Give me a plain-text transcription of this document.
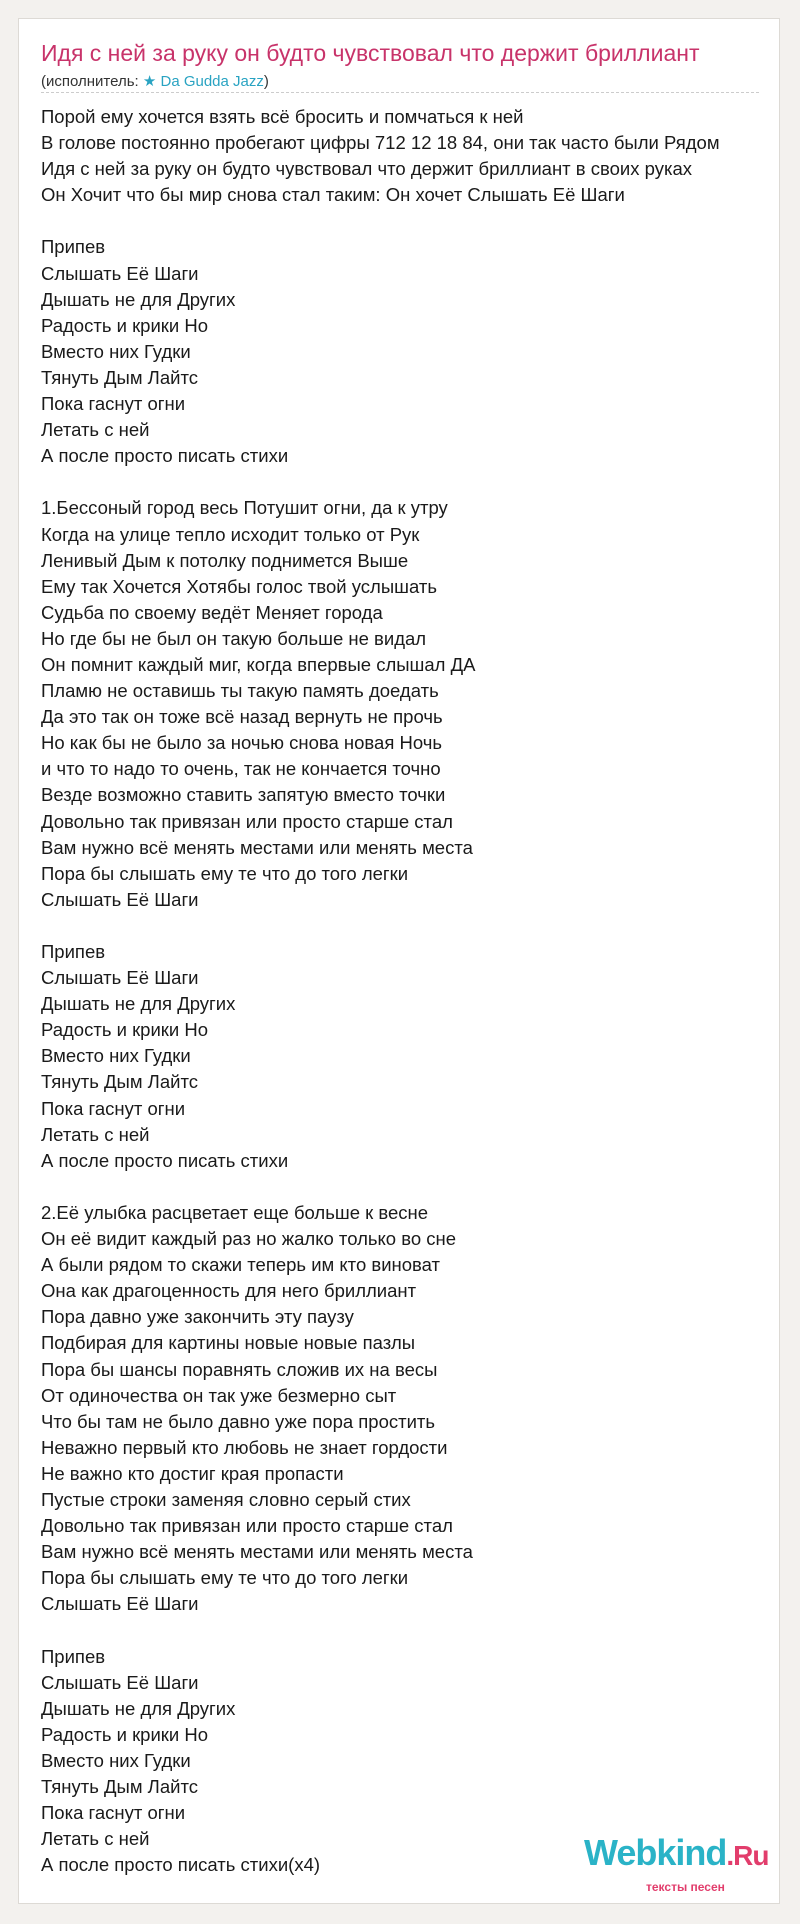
Идя с ней за руку он будто чувствовал что держит бриллиант
(исполнитель: ★ Da Gudda Jazz)
Порой ему хочется взять всё бросить и помчаться к ней
В голове постоянно пробегают цифры 712 12 18 84, они так часто были Рядом
Идя с ней за руку он будто чувствовал что держит бриллиант в своих руках
Он Хочит что бы мир снова стал таким: Он хочет Слышать Её Шаги
Припев
Слышать Её Шаги
Дышать не для Других
Радость и крики Но
Вместо них Гудки
Тянуть Дым Лайтс
Пока гаснут огни
Летать с ней
А после просто писать стихи
1.Бессоный город весь Потушит огни, да к утру
Когда на улице тепло исходит только от Рук
Ленивый Дым к потолку поднимется Выше
Ему так Хочется Хотябы голос твой услышать
Судьба по своему ведёт Меняет города
Но где бы не был он такую больше не видал
Он помнит каждый миг, когда впервые слышал ДА
Пламю не оставишь ты такую память доедать
Да это так он тоже всё назад вернуть не прочь
Но как бы не было за ночью снова новая Ночь
и что то надо то очень, так не кончается точно
Везде возможно ставить запятую вместо точки
Довольно так привязан или просто старше стал
Вам нужно всё менять местами или менять места
Пора бы слышать ему те что до того легки
Слышать Её Шаги
Припев
Слышать Её Шаги
Дышать не для Других
Радость и крики Но
Вместо них Гудки
Тянуть Дым Лайтс
Пока гаснут огни
Летать с ней
А после просто писать стихи
2.Её улыбка расцветает еще больше к весне
Он её видит каждый раз но жалко только во сне
А были рядом то скажи теперь им кто виноват
Она как драгоценность для него бриллиант
Пора давно уже закончить эту паузу
Подбирая для картины новые новые пазлы
Пора бы шансы поравнять сложив их на весы
От одиночества он так уже безмерно сыт
Что бы там не было давно уже пора простить
Неважно первый кто любовь не знает гордости
Не важно кто достиг края пропасти
Пустые строки заменяя словно серый стих
Довольно так привязан или просто старше стал
Вам нужно всё менять местами или менять места
Пора бы слышать ему те что до того легки
Слышать Её Шаги
Припев
Слышать Её Шаги
Дышать не для Других
Радость и крики Но
Вместо них Гудки
Тянуть Дым Лайтс
Пока гаснут огни
Летать с ней
А после просто писать стихи(x4)	Webkind.Ru
тексты песен
